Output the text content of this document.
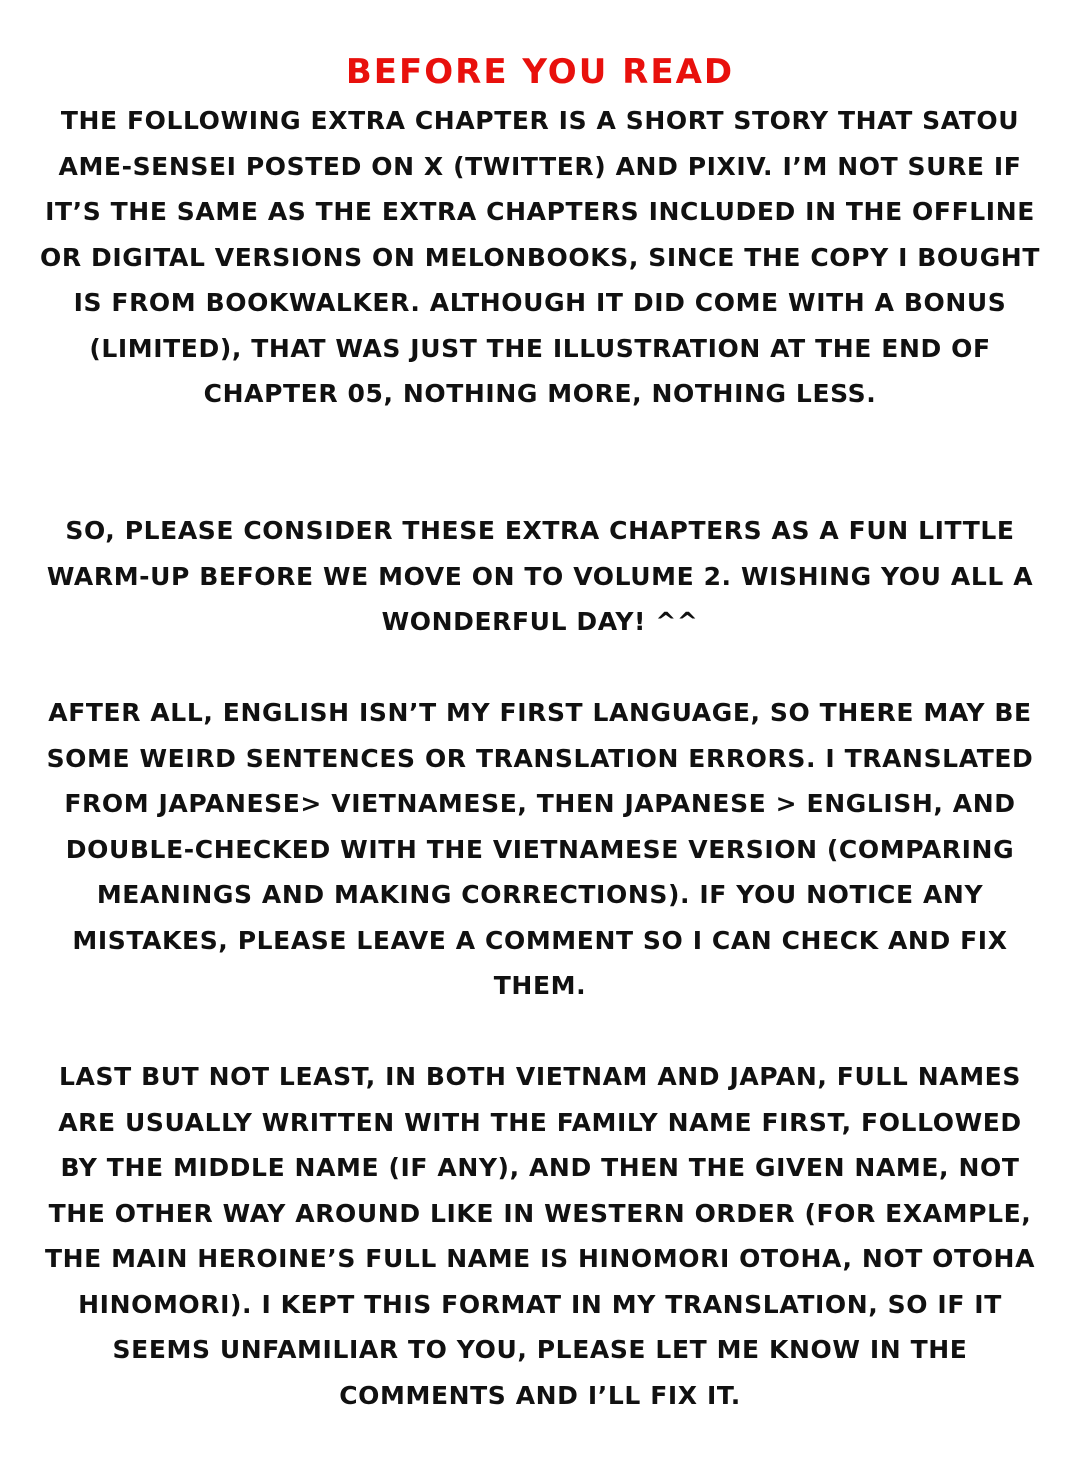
BEFORE YOU READ

THE FOLLOWING EXTRA CHAPTER IS A SHORT STORY THAT SATOU AME-SENSEI POSTED ON X (TWITTER) AND PIXIV. I’M NOT SURE IF IT’S THE SAME AS THE EXTRA CHAPTERS INCLUDED IN THE OFFLINE OR DIGITAL VERSIONS ON MELONBOOKS, SINCE THE COPY I BOUGHT IS FROM BOOKWALKER. ALTHOUGH IT DID COME WITH A BONUS (LIMITED), THAT WAS JUST THE ILLUSTRATION AT THE END OF CHAPTER 05, NOTHING MORE, NOTHING LESS.

SO, PLEASE CONSIDER THESE EXTRA CHAPTERS AS A FUN LITTLE WARM-UP BEFORE WE MOVE ON TO VOLUME 2. WISHING YOU ALL A WONDERFUL DAY! ^^

AFTER ALL, ENGLISH ISN’T MY FIRST LANGUAGE, SO THERE MAY BE SOME WEIRD SENTENCES OR TRANSLATION ERRORS. I TRANSLATED FROM JAPANESE> VIETNAMESE, THEN JAPANESE > ENGLISH, AND DOUBLE-CHECKED WITH THE VIETNAMESE VERSION (COMPARING MEANINGS AND MAKING CORRECTIONS). IF YOU NOTICE ANY MISTAKES, PLEASE LEAVE A COMMENT SO I CAN CHECK AND FIX THEM.

LAST BUT NOT LEAST, IN BOTH VIETNAM AND JAPAN, FULL NAMES ARE USUALLY WRITTEN WITH THE FAMILY NAME FIRST, FOLLOWED BY THE MIDDLE NAME (IF ANY), AND THEN THE GIVEN NAME, NOT THE OTHER WAY AROUND LIKE IN WESTERN ORDER (FOR EXAMPLE, THE MAIN HEROINE’S FULL NAME IS HINOMORI OTOHA, NOT OTOHA HINOMORI). I KEPT THIS FORMAT IN MY TRANSLATION, SO IF IT SEEMS UNFAMILIAR TO YOU, PLEASE LET ME KNOW IN THE COMMENTS AND I’LL FIX IT.
